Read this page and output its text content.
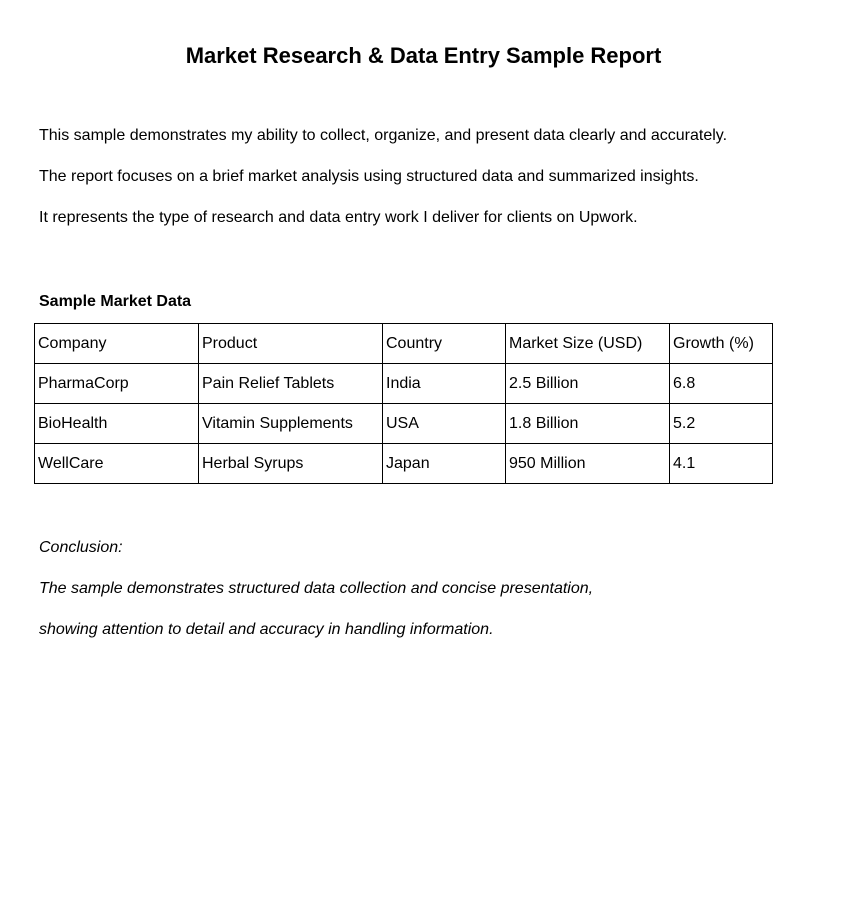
Market Research & Data Entry Sample Report

This sample demonstrates my ability to collect, organize, and present data clearly and accurately.

The report focuses on a brief market analysis using structured data and summarized insights.

It represents the type of research and data entry work I deliver for clients on Upwork.

Sample Market Data
Company	Product	Country	Market Size (USD)	Growth (%)
PharmaCorp	Pain Relief Tablets	India	2.5 Billion	6.8
BioHealth	Vitamin Supplements	USA	1.8 Billion	5.2
WellCare	Herbal Syrups	Japan	950 Million	4.1

Conclusion:

The sample demonstrates structured data collection and concise presentation,

showing attention to detail and accuracy in handling information.
